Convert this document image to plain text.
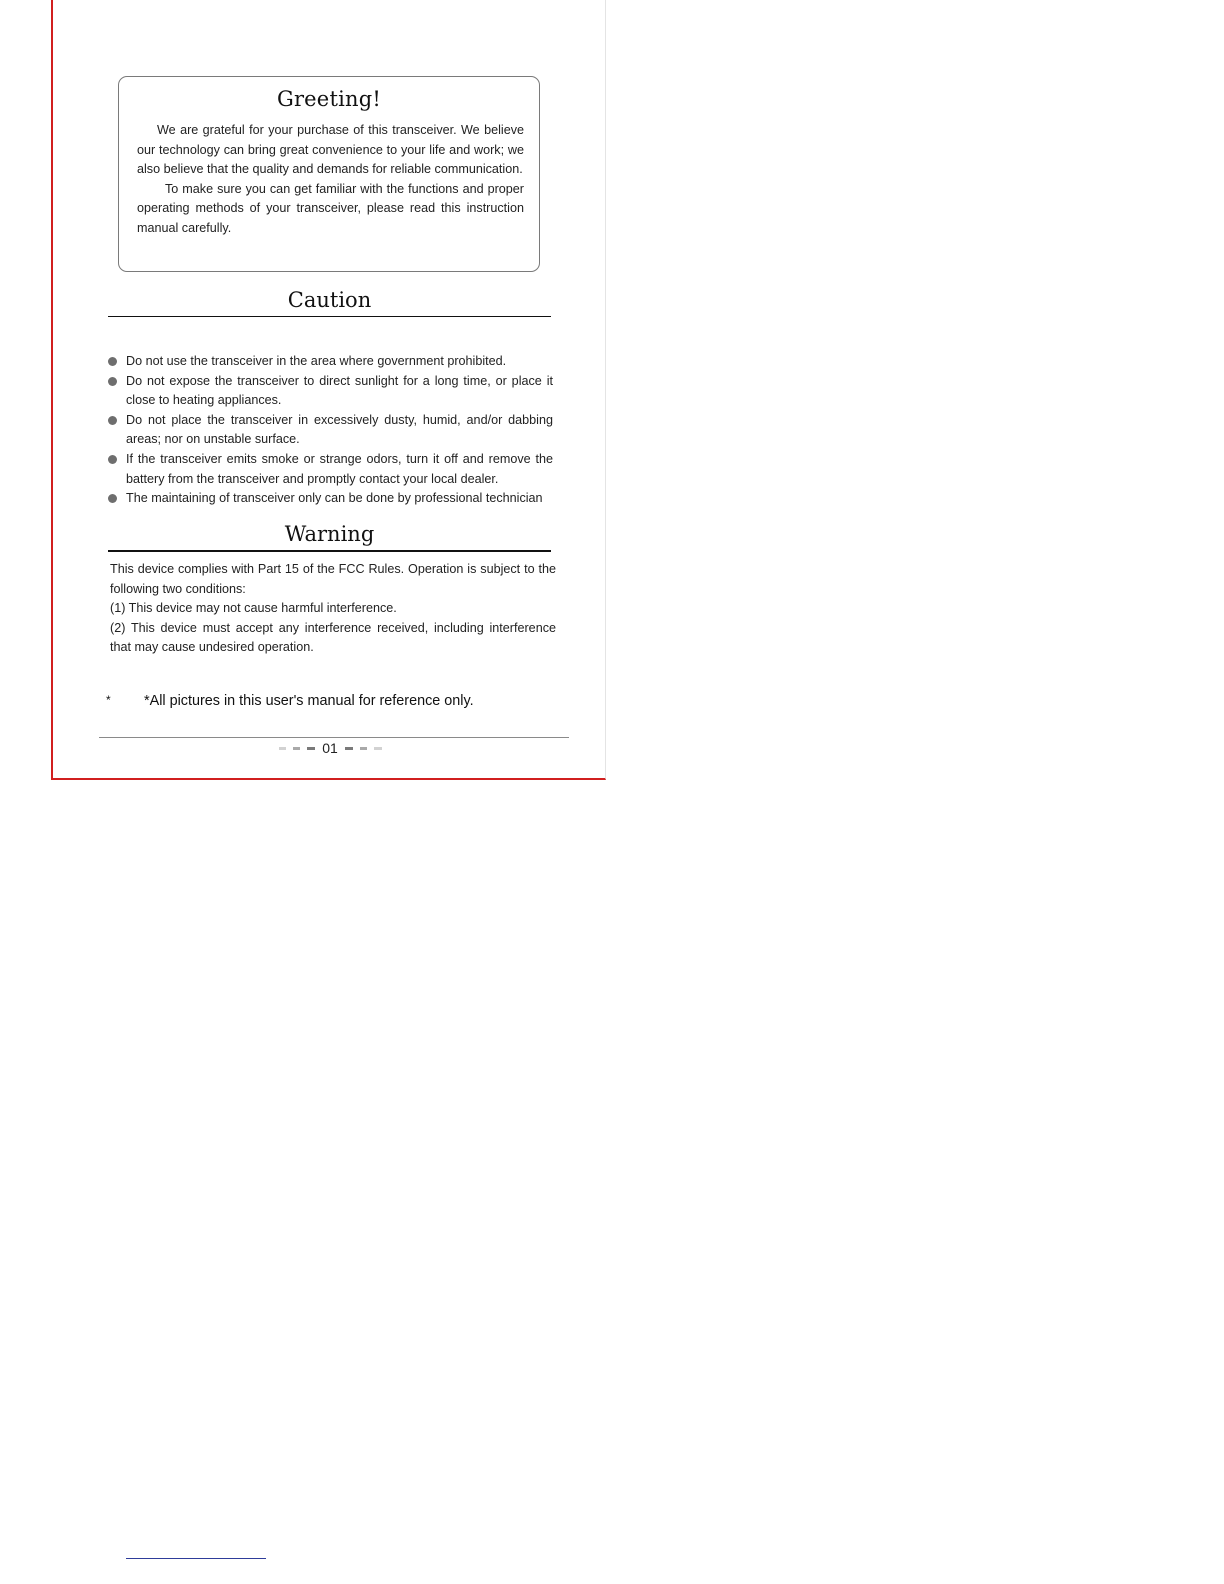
Greeting!

We are grateful for your purchase of this transceiver. We believe our technology can bring great convenience to your life and work; we also believe that the quality and demands for reliable communication.

To make sure you can get familiar with the functions and proper operating methods of your transceiver, please read this instruction manual carefully.

Caution
Do not use the transceiver in the area where government prohibited.
Do not expose the transceiver to direct sunlight for a long time, or place it close to heating appliances.
Do not place the transceiver in excessively dusty, humid, and/or dabbing areas; nor on unstable surface.
If the transceiver emits smoke or strange odors, turn it off and remove the battery from the transceiver and promptly contact your local dealer.
The maintaining of transceiver only can be done by professional technician
Warning

This device complies with Part 15 of the FCC Rules. Operation is subject to the following two conditions:

(1) This device may not cause harmful interference.

(2) This device must accept any interference received, including interference that may cause undesired operation.

* *All pictures in this user's manual for reference only.
01
